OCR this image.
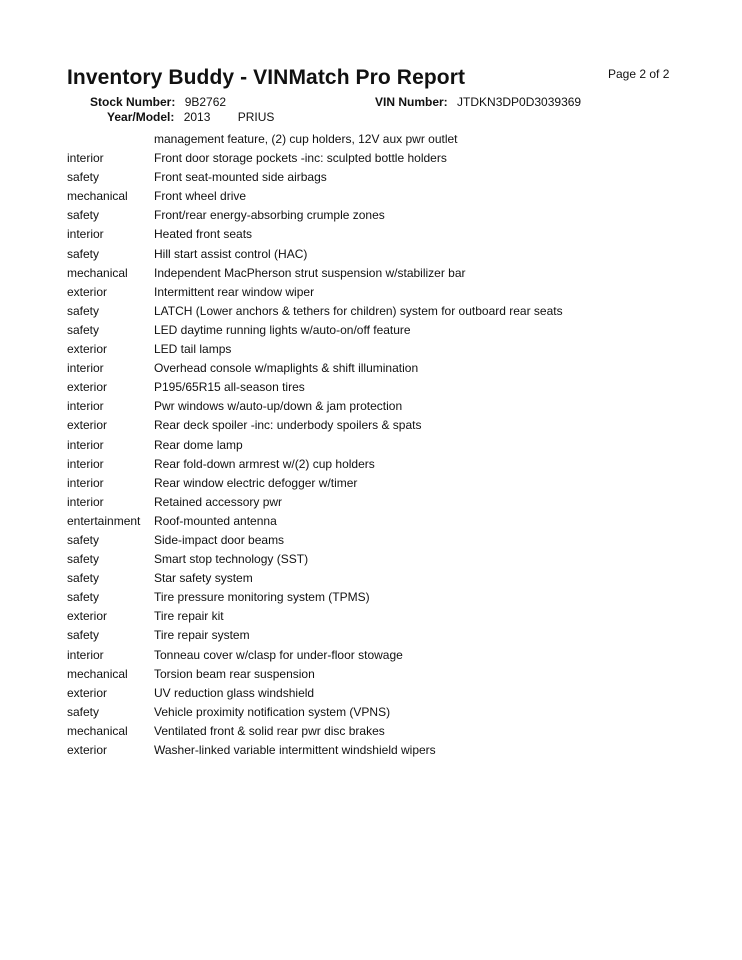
Inventory Buddy - VINMatch Pro Report	Page 2 of 2
Stock Number: 9B2762	VIN Number: JTDKN3DP0D3039369
Year/Model: 2013 PRIUS
management feature, (2) cup holders, 12V aux pwr outlet
interior	Front door storage pockets -inc: sculpted bottle holders
safety	Front seat-mounted side airbags
mechanical Front wheel drive
safety	Front/rear energy-absorbing crumple zones
interior	Heated front seats
safety	Hill start assist control (HAC)
mechanical Independent MacPherson strut suspension w/stabilizer bar
exterior	Intermittent rear window wiper
safety	LATCH (Lower anchors & tethers for children) system for outboard rear seats
safety	LED daytime running lights w/auto-on/off feature
exterior	LED tail lamps
interior	Overhead console w/maplights & shift illumination
exterior	P195/65R15 all-season tires
interior	Pwr windows w/auto-up/down & jam protection
exterior	Rear deck spoiler -inc: underbody spoilers & spats
interior	Rear dome lamp
interior	Rear fold-down armrest w/(2) cup holders
interior	Rear window electric defogger w/timer
interior	Retained accessory pwr
entertainment Roof-mounted antenna
safety	Side-impact door beams
safety	Smart stop technology (SST)
safety	Star safety system
safety	Tire pressure monitoring system (TPMS)
exterior	Tire repair kit
safety	Tire repair system
interior	Tonneau cover w/clasp for under-floor stowage
mechanical Torsion beam rear suspension
exterior	UV reduction glass windshield
safety	Vehicle proximity notification system (VPNS)
mechanical Ventilated front & solid rear pwr disc brakes
exterior	Washer-linked variable intermittent windshield wipers
